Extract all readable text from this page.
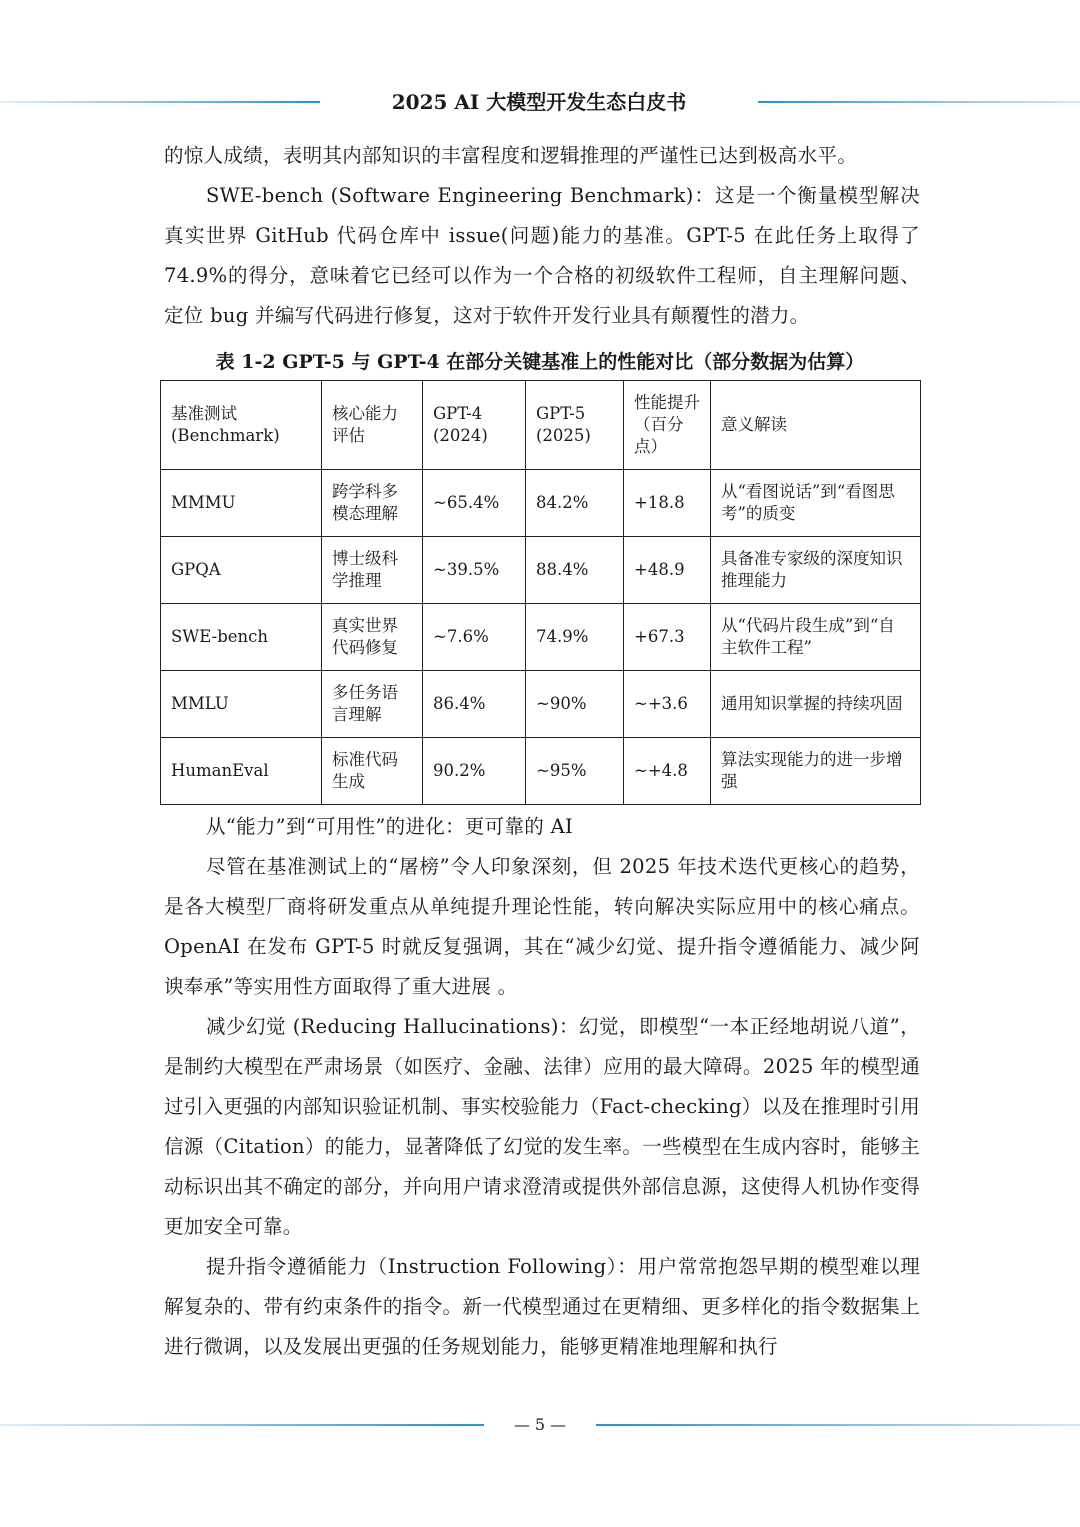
2025 AI 大模型开发生态白皮书

的惊人成绩，表明其内部知识的丰富程度和逻辑推理的严谨性已达到极高水平。

SWE-bench (Software Engineering Benchmark)：这是一个衡量模型解决真实世界 GitHub 代码仓库中 issue(问题)能力的基准。GPT-5 在此任务上取得了 74.9%的得分，意味着它已经可以作为一个合格的初级软件工程师，自主理解问题、定位 bug 并编写代码进行修复，这对于软件开发行业具有颠覆性的潜力。

表 1-2 GPT-5 与 GPT-4 在部分关键基准上的性能对比（部分数据为估算）
基准测试 (Benchmark)	核心能力评估	GPT-4 (2024)	GPT-5 (2025)	性能提升（百分点）	意义解读
MMMU	跨学科多模态理解	~65.4%	84.2%	+18.8	从“看图说话”到“看图思考”的质变
GPQA	博士级科学推理	~39.5%	88.4%	+48.9	具备准专家级的深度知识推理能力
SWE-bench	真实世界代码修复	~7.6%	74.9%	+67.3	从“代码片段生成”到“自主软件工程”
MMLU	多任务语言理解	86.4%	~90%	~+3.6	通用知识掌握的持续巩固
HumanEval	标准代码生成	90.2%	~95%	~+4.8	算法实现能力的进一步增强

从“能力”到“可用性”的进化：更可靠的 AI

尽管在基准测试上的“屠榜”令人印象深刻，但 2025 年技术迭代更核心的趋势，是各大模型厂商将研发重点从单纯提升理论性能，转向解决实际应用中的核心痛点。OpenAI 在发布 GPT-5 时就反复强调，其在“减少幻觉、提升指令遵循能力、减少阿谀奉承”等实用性方面取得了重大进展 。

减少幻觉 (Reducing Hallucinations)：幻觉，即模型“一本正经地胡说八道”，是制约大模型在严肃场景（如医疗、金融、法律）应用的最大障碍。2025 年的模型通过引入更强的内部知识验证机制、事实校验能力（Fact-checking）以及在推理时引用信源（Citation）的能力，显著降低了幻觉的发生率。一些模型在生成内容时，能够主动标识出其不确定的部分，并向用户请求澄清或提供外部信息源，这使得人机协作变得更加安全可靠。

提升指令遵循能力（Instruction Following）：用户常常抱怨早期的模型难以理解复杂的、带有约束条件的指令。新一代模型通过在更精细、更多样化的指令数据集上进行微调，以及发展出更强的任务规划能力，能够更精准地理解和执行

— 5 —
